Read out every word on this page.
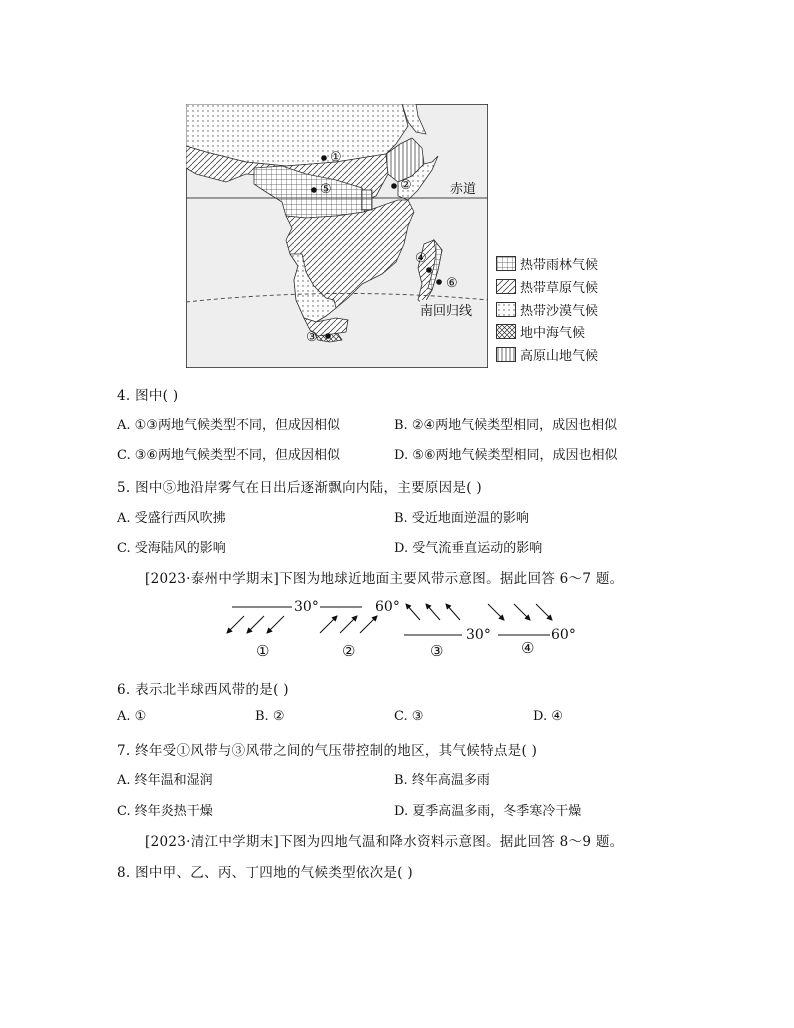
①
②
⑤
③
④
⑥
赤道
南回归线
热带雨林气候
热带草原气候
热带沙漠气候
地中海气候
高原山地气候
4. 图中( )
A. ①③两地气候类型不同，但成因相似	B. ②④两地气候类型相同，成因也相似
C. ③⑥两地气候类型不同，但成因相似	D. ⑤⑥两地气候类型相同，成因也相似
5. 图中⑤地沿岸雾气在日出后逐渐飘向内陆，主要原因是( )
A. 受盛行西风吹拂	B. 受近地面逆温的影响
C. 受海陆风的影响	D. 受气流垂直运动的影响
[2023·泰州中学期末]下图为地球近地面主要风带示意图。据此回答 6～7 题。
30°	60°
30°	60°
①	②	③	④
6. 表示北半球西风带的是( )
A. ①	B. ②	C. ③	D. ④
7. 终年受①风带与③风带之间的气压带控制的地区，其气候特点是( )
A. 终年温和湿润	B. 终年高温多雨
C. 终年炎热干燥	D. 夏季高温多雨，冬季寒冷干燥
[2023·清江中学期末]下图为四地气温和降水资料示意图。据此回答 8～9 题。
8. 图中甲、乙、丙、丁四地的气候类型依次是( )
